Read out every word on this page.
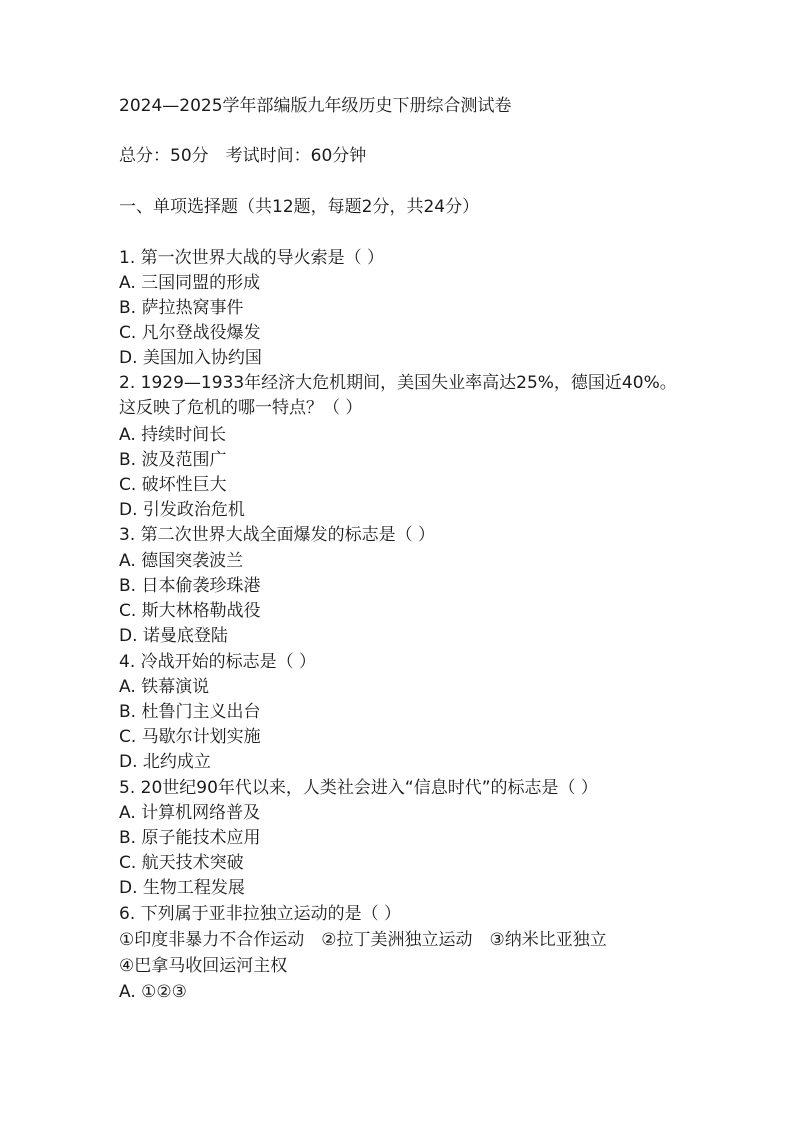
2024—2025学年部编版九年级历史下册综合测试卷
总分：50分　考试时间：60分钟
一、单项选择题（共12题，每题2分，共24分）
1. 第一次世界大战的导火索是（ ）
A. 三国同盟的形成
B. 萨拉热窝事件
C. 凡尔登战役爆发
D. 美国加入协约国
2. 1929—1933年经济大危机期间，美国失业率高达25%，德国近40%。
这反映了危机的哪一特点？（ ）
A. 持续时间长
B. 波及范围广
C. 破坏性巨大
D. 引发政治危机
3. 第二次世界大战全面爆发的标志是（ ）
A. 德国突袭波兰
B. 日本偷袭珍珠港
C. 斯大林格勒战役
D. 诺曼底登陆
4. 冷战开始的标志是（ ）
A. 铁幕演说
B. 杜鲁门主义出台
C. 马歇尔计划实施
D. 北约成立
5. 20世纪90年代以来，人类社会进入“信息时代”的标志是（ ）
A. 计算机网络普及
B. 原子能技术应用
C. 航天技术突破
D. 生物工程发展
6. 下列属于亚非拉独立运动的是（ ）
①印度非暴力不合作运动　②拉丁美洲独立运动　③纳米比亚独立
④巴拿马收回运河主权
A. ①②③
